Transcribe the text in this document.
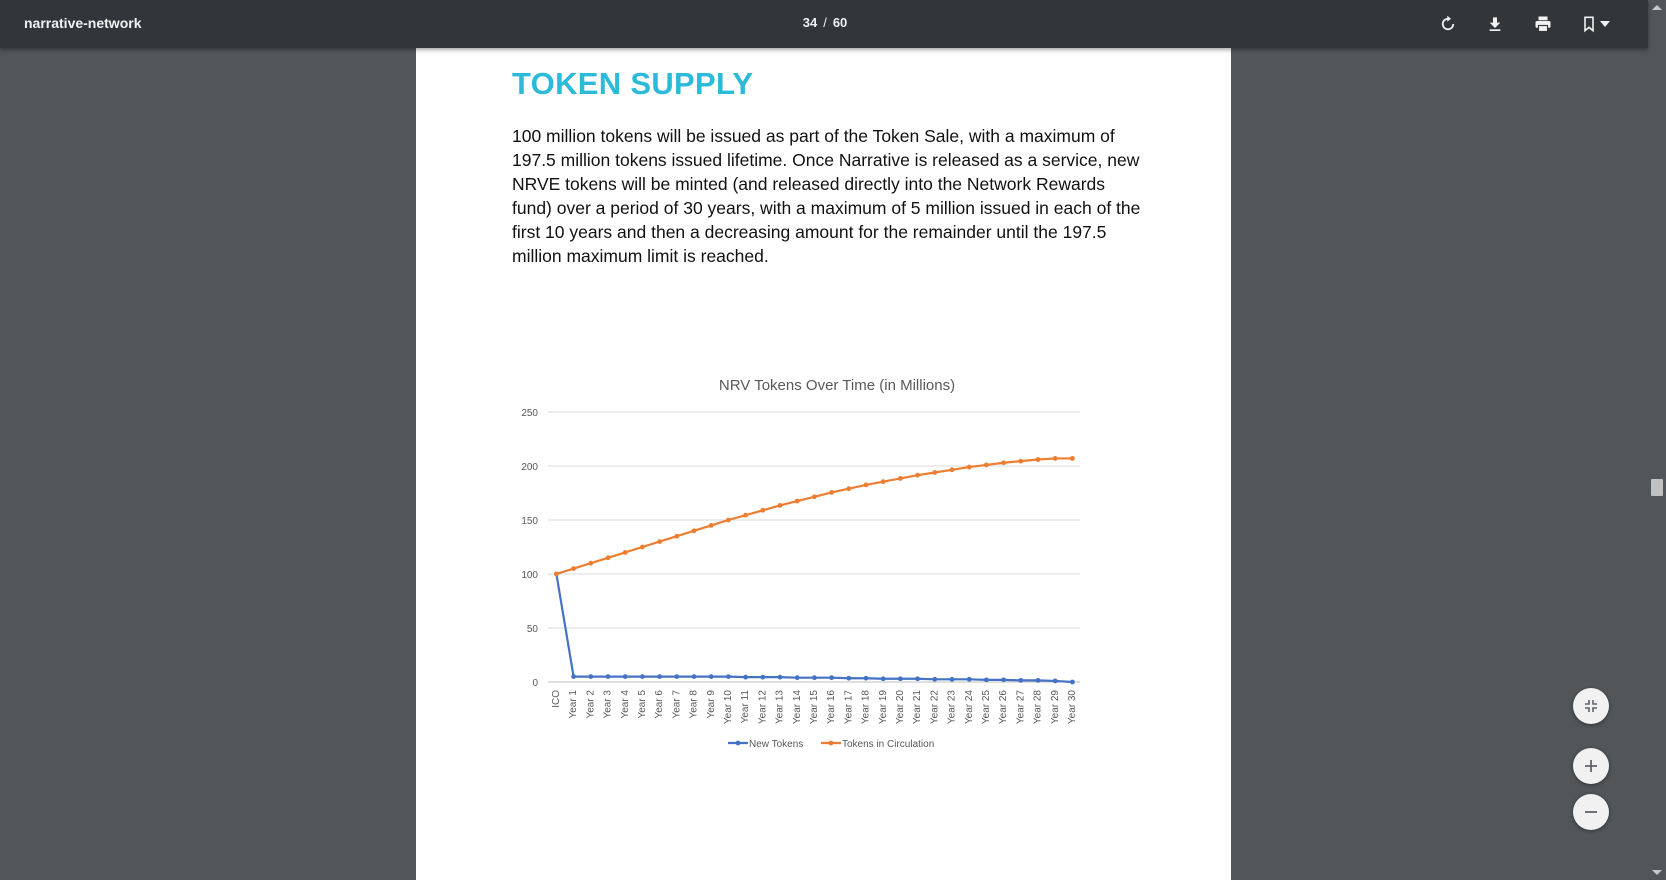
narrative-network	34 / 60
TOKEN SUPPLY

100 million tokens will be issued as part of the Token Sale, with a maximum of 197.5 million tokens issued lifetime. Once Narrative is released as a service, new NRVE tokens will be minted (and released directly into the Network Rewards fund) over a period of 30 years, with a maximum of 5 million issued in each of the first 10 years and then a decreasing amount for the remainder until the 197.5 million maximum limit is reached.

NRV Tokens Over Time (in Millions)
0
50
100
150
200
250
ICO Year 1 Year 2 Year 3 Year 4 Year 5 Year 6 Year 7 Year 8 Year 9 Year 10 Year 11 Year 12 Year 13 Year 14 Year 15 Year 16 Year 17 Year 18 Year 19 Year 20 Year 21 Year 22 Year 23 Year 24 Year 25 Year 26 Year 27 Year 28 Year 29 Year 30
New Tokens	Tokens in Circulation
